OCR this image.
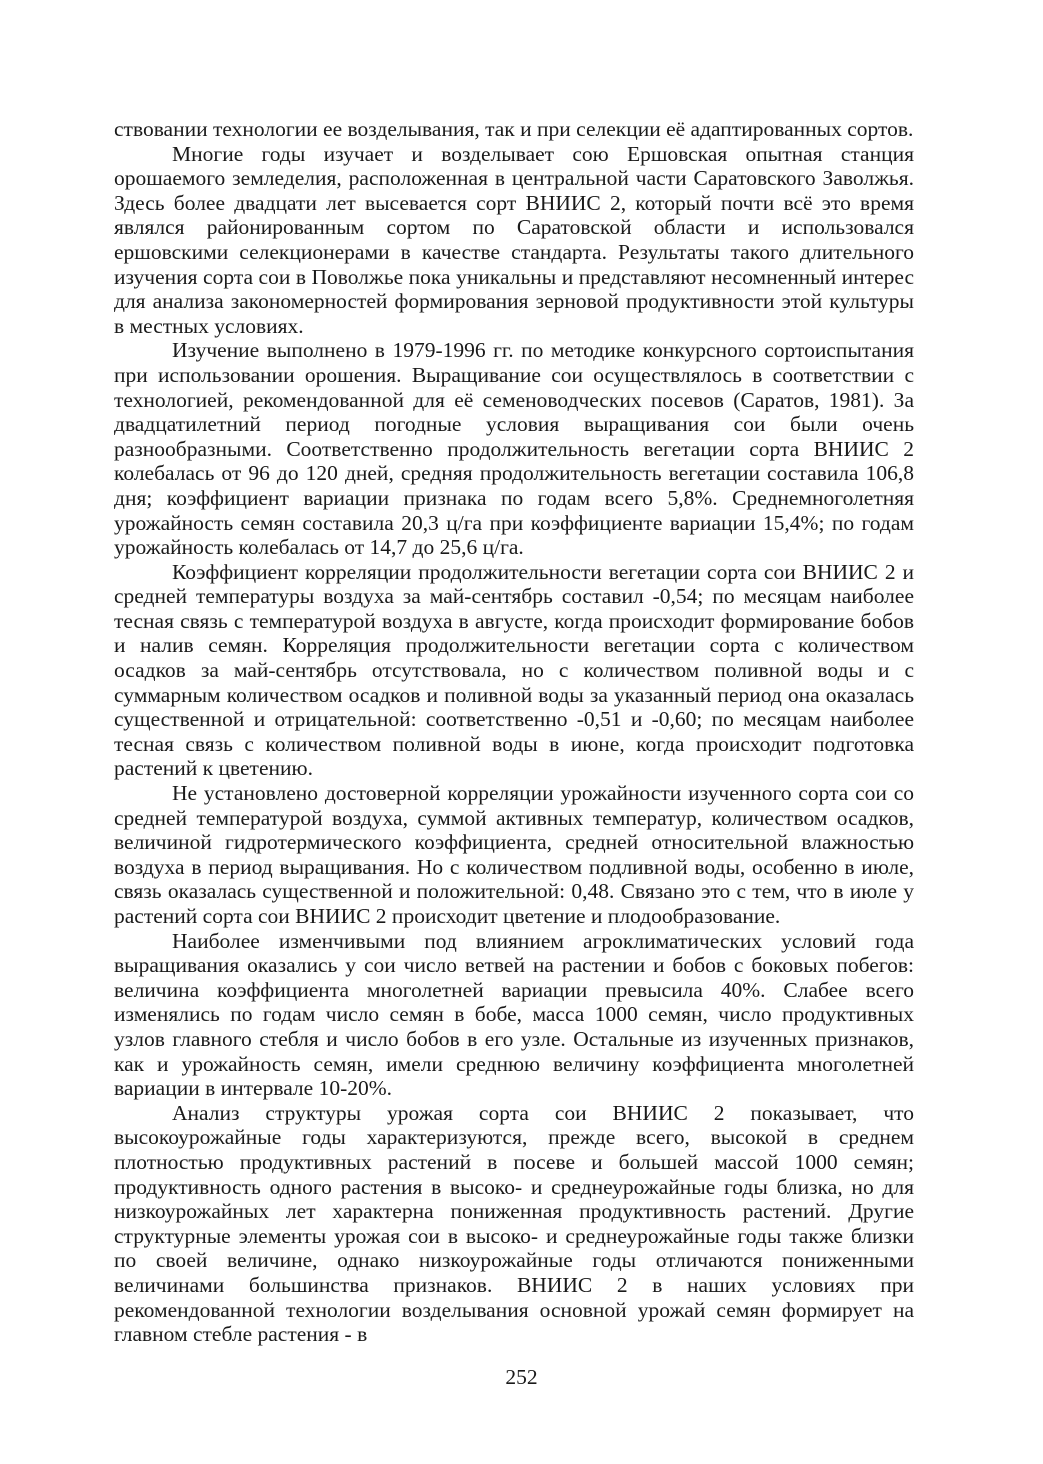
ствовании технологии ее возделывания, так и при селекции её адаптированных сортов.

Многие годы изучает и возделывает сою Ершовская опытная станция орошаемого земледелия, расположенная в центральной части Саратовского Заволжья. Здесь более двадцати лет высевается сорт ВНИИС 2, который почти всё это время являлся районированным сортом по Саратовской области и использовался ершовскими селекционерами в качестве стандарта. Результаты такого длительного изучения сорта сои в Поволжье пока уникальны и представляют несомненный интерес для анализа закономерностей формирования зерновой продуктивности этой культуры в местных условиях.

Изучение выполнено в 1979-1996 гг. по методике конкурсного сортоиспытания при использовании орошения. Выращивание сои осуществлялось в соответствии с технологией, рекомендованной для её семеноводческих посевов (Саратов, 1981). За двадцатилетний период погодные условия выращивания сои были очень разнообразными. Соответственно продолжительность вегетации сорта ВНИИС 2 колебалась от 96 до 120 дней, средняя продолжительность вегетации составила 106,8 дня; коэффициент вариации признака по годам всего 5,8%. Среднемноголетняя урожайность семян составила 20,3 ц/га при коэффициенте вариации 15,4%; по годам урожайность колебалась от 14,7 до 25,6 ц/га.

Коэффициент корреляции продолжительности вегетации сорта сои ВНИИС 2 и средней температуры воздуха за май-сентябрь составил -0,54; по месяцам наиболее тесная связь с температурой воздуха в августе, когда происходит формирование бобов и налив семян. Корреляция продолжительности вегетации сорта с количеством осадков за май-сентябрь отсутствовала, но с количеством поливной воды и с суммарным количеством осадков и поливной воды за указанный период она оказалась существенной и отрицательной: соответственно -0,51 и -0,60; по месяцам наиболее тесная связь с количеством поливной воды в июне, когда происходит подготовка растений к цветению.

Не установлено достоверной корреляции урожайности изученного сорта сои со средней температурой воздуха, суммой активных температур, количеством осадков, величиной гидротермического коэффициента, средней относительной влажностью воздуха в период выращивания. Но с количеством подливной воды, особенно в июле, связь оказалась существенной и положительной: 0,48. Связано это с тем, что в июле у растений сорта сои ВНИИС 2 происходит цветение и плодообразование.

Наиболее изменчивыми под влиянием агроклиматических условий года выращивания оказались у сои число ветвей на растении и бобов с боковых побегов: величина коэффициента многолетней вариации превысила 40%. Слабее всего изменялись по годам число семян в бобе, масса 1000 семян, число продуктивных узлов главного стебля и число бобов в его узле. Остальные из изученных признаков, как и урожайность семян, имели среднюю величину коэффициента многолетней вариации в интервале 10-20%.

Анализ структуры урожая сорта сои ВНИИС 2 показывает, что высокоурожайные годы характеризуются, прежде всего, высокой в среднем плотностью продуктивных растений в посеве и большей массой 1000 семян; продуктивность одного растения в высоко- и среднеурожайные годы близка, но для низкоурожайных лет характерна пониженная продуктивность растений. Другие структурные элементы урожая сои в высоко- и среднеурожайные годы также близки по своей величине, однако низкоурожайные годы отличаются пониженными величинами большинства признаков. ВНИИС 2 в наших условиях при рекомендованной технологии возделывания основной урожай семян формирует на главном стебле растения - в

252
